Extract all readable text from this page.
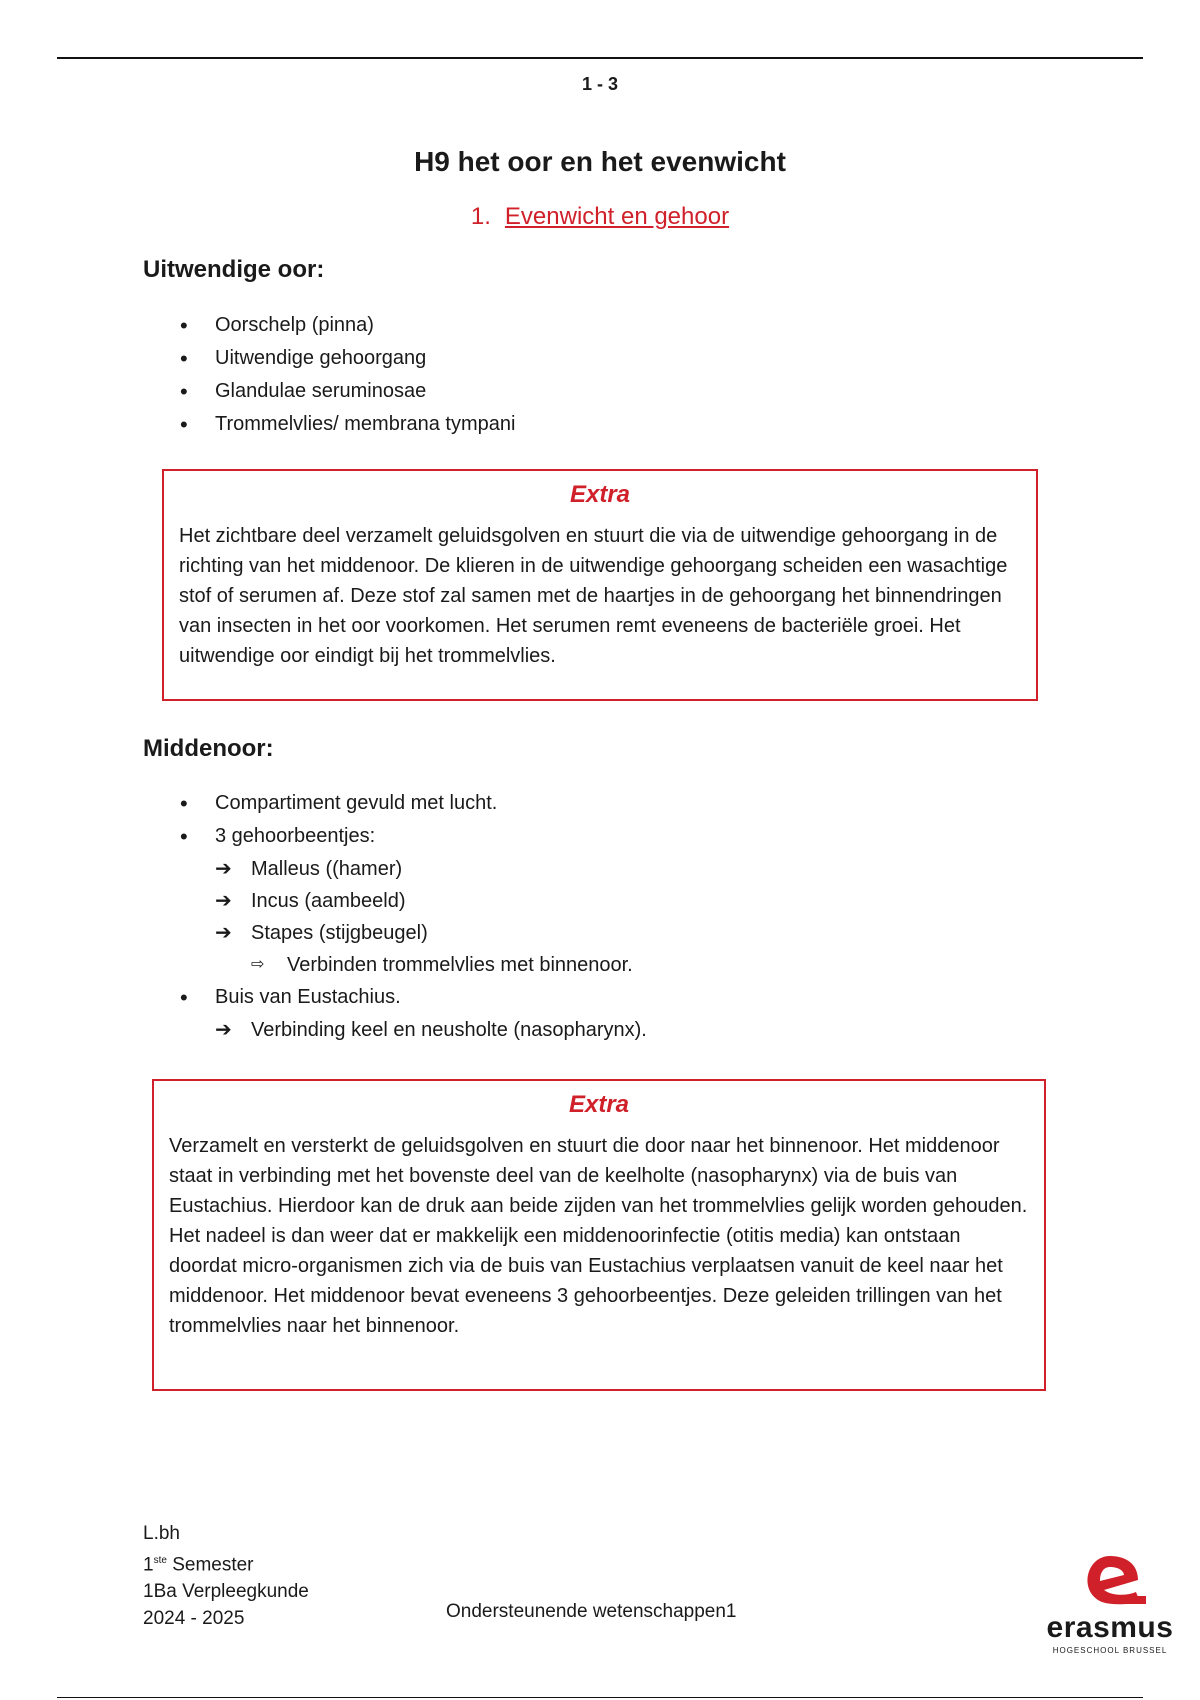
1 - 3
H9 het oor en het evenwicht
1. Evenwicht en gehoor
Uitwendige oor:
• Oorschelp (pinna)
• Uitwendige gehoorgang
• Glandulae seruminosae
• Trommelvlies/ membrana tympani
Extra
Het zichtbare deel verzamelt geluidsgolven en stuurt die via de uitwendige gehoorgang in de richting van het middenoor. De klieren in de uitwendige gehoorgang scheiden een wasachtige stof of serumen af. Deze stof zal samen met de haartjes in de gehoorgang het binnendringen van insecten in het oor voorkomen. Het serumen remt eveneens de bacteriële groei. Het uitwendige oor eindigt bij het trommelvlies.
Middenoor:
• Compartiment gevuld met lucht.
• 3 gehoorbeentjes:
➔ Malleus ((hamer)
➔ Incus (aambeeld)
➔ Stapes (stijgbeugel)
⇨ Verbinden trommelvlies met binnenoor.
• Buis van Eustachius.
➔ Verbinding keel en neusholte (nasopharynx).
Extra
Verzamelt en versterkt de geluidsgolven en stuurt die door naar het binnenoor. Het middenoor staat in verbinding met het bovenste deel van de keelholte (nasopharynx) via de buis van Eustachius. Hierdoor kan de druk aan beide zijden van het trommelvlies gelijk worden gehouden. Het nadeel is dan weer dat er makkelijk een middenoorinfectie (otitis media) kan ontstaan doordat micro-organismen zich via de buis van Eustachius verplaatsen vanuit de keel naar het middenoor. Het middenoor bevat eveneens 3 gehoorbeentjes. Deze geleiden trillingen van het trommelvlies naar het binnenoor.
L.bh
1ste Semester
1Ba Verpleegkunde
2024 - 2025	Ondersteunende wetenschappen1	erasmus
HOGESCHOOL BRUSSEL
